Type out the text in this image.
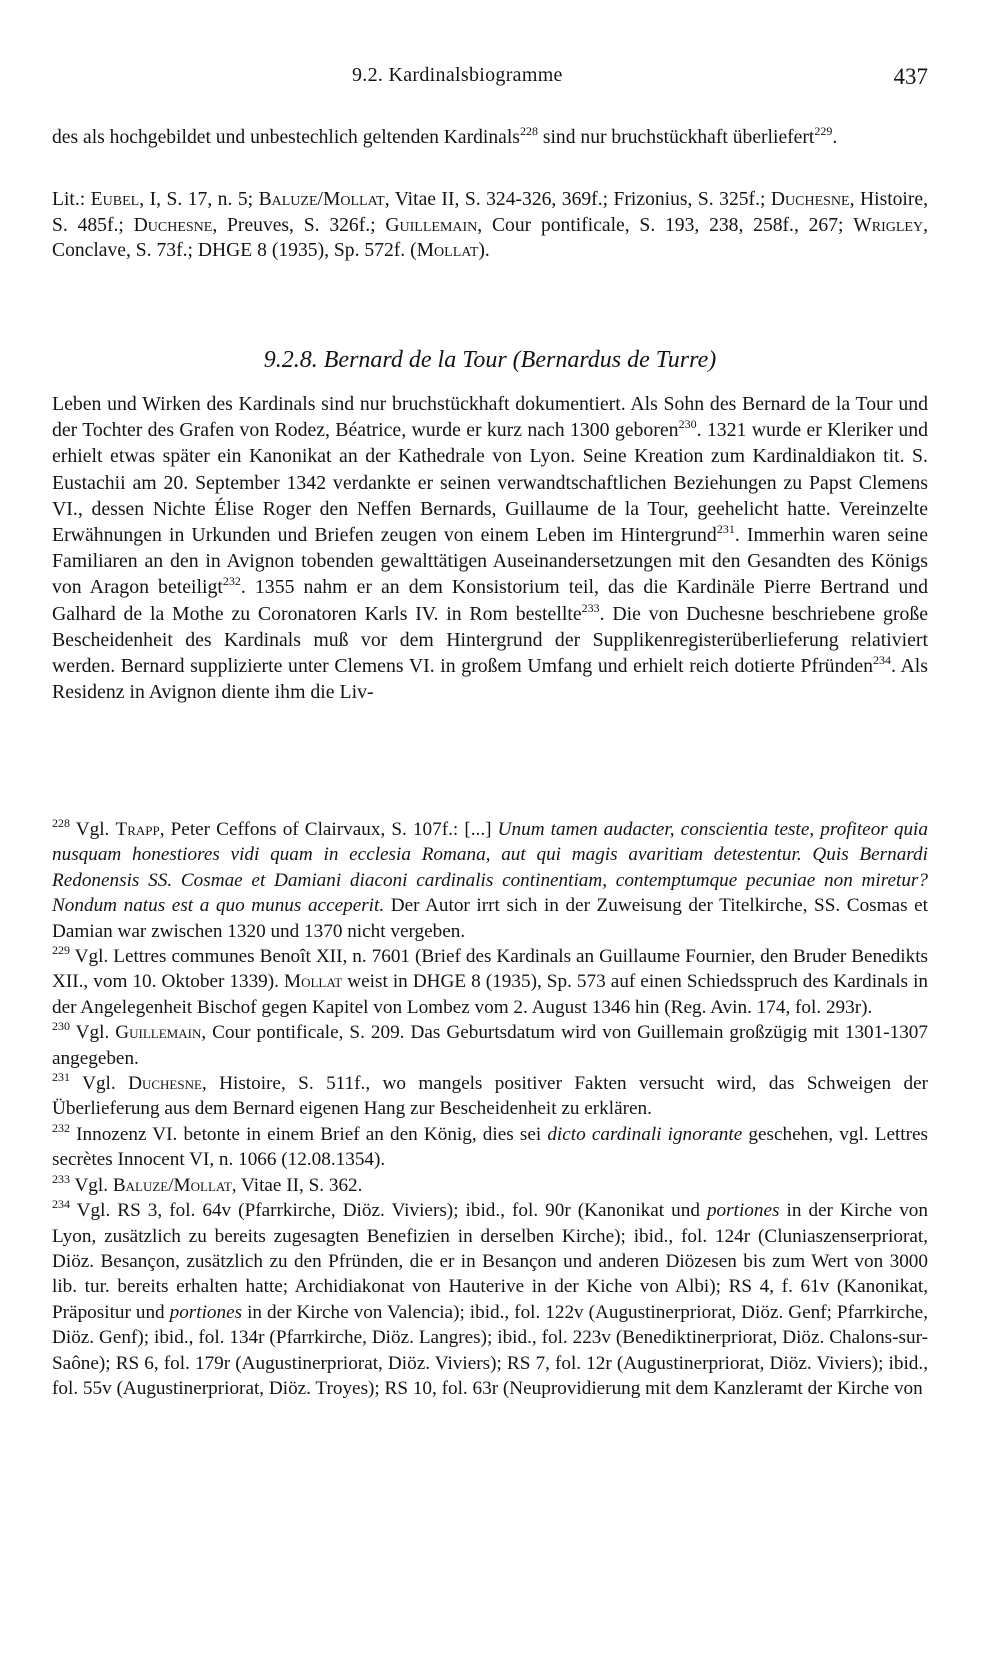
9.2. Kardinalsbiogramme	437
des als hochgebildet und unbestechlich geltenden Kardinals$^{228}$ sind nur bruchstückhaft überliefert$^{229}$.
Lit.: Eubel, I, S. 17, n. 5; Baluze/Mollat, Vitae II, S. 324-326, 369f.; Frizonius, S. 325f.; Duchesne, Histoire, S. 485f.; Duchesne, Preuves, S. 326f.; Guillemain, Cour pontificale, S. 193, 238, 258f., 267; Wrigley, Conclave, S. 73f.; DHGE 8 (1935), Sp. 572f. (Mollat).
9.2.8. Bernard de la Tour (Bernardus de Turre)
Leben und Wirken des Kardinals sind nur bruchstückhaft dokumentiert. Als Sohn des Bernard de la Tour und der Tochter des Grafen von Rodez, Béatrice, wurde er kurz nach 1300 geboren$^{230}$. 1321 wurde er Kleriker und erhielt etwas später ein Kanonikat an der Kathedrale von Lyon. Seine Kreation zum Kardinaldiakon tit. S. Eustachii am 20. September 1342 verdankte er seinen verwandtschaftlichen Beziehungen zu Papst Clemens VI., dessen Nichte Élise Roger den Neffen Bernards, Guillaume de la Tour, geehelicht hatte. Vereinzelte Erwähnungen in Urkunden und Briefen zeugen von einem Leben im Hintergrund$^{231}$. Immerhin waren seine Familiaren an den in Avignon tobenden gewalttätigen Auseinandersetzungen mit den Gesandten des Königs von Aragon beteiligt$^{232}$. 1355 nahm er an dem Konsistorium teil, das die Kardinäle Pierre Bertrand und Galhard de la Mothe zu Coronatoren Karls IV. in Rom bestellte$^{233}$. Die von Duchesne beschriebene große Bescheidenheit des Kardinals muß vor dem Hintergrund der Supplikenregisterüberlieferung relativiert werden. Bernard supplizierte unter Clemens VI. in großem Umfang und erhielt reich dotierte Pfründen$^{234}$. Als Residenz in Avignon diente ihm die Liv-

$^{228}$ Vgl. Trapp, Peter Ceffons of Clairvaux, S. 107f.: [...] Unum tamen audacter, conscientia teste, profiteor quia nusquam honestiores vidi quam in ecclesia Romana, aut qui magis avaritiam detestentur. Quis Bernardi Redonensis SS. Cosmae et Damiani diaconi cardinalis continentiam, contemptumque pecuniae non miretur? Nondum natus est a quo munus acceperit. Der Autor irrt sich in der Zuweisung der Titelkirche, SS. Cosmas et Damian war zwischen 1320 und 1370 nicht vergeben.

$^{229}$ Vgl. Lettres communes Benoît XII, n. 7601 (Brief des Kardinals an Guillaume Fournier, den Bruder Benedikts XII., vom 10. Oktober 1339). Mollat weist in DHGE 8 (1935), Sp. 573 auf einen Schiedsspruch des Kardinals in der Angelegenheit Bischof gegen Kapitel von Lombez vom 2. August 1346 hin (Reg. Avin. 174, fol. 293r).

$^{230}$ Vgl. Guillemain, Cour pontificale, S. 209. Das Geburtsdatum wird von Guillemain großzügig mit 1301-1307 angegeben.

$^{231}$ Vgl. Duchesne, Histoire, S. 511f., wo mangels positiver Fakten versucht wird, das Schweigen der Überlieferung aus dem Bernard eigenen Hang zur Bescheidenheit zu erklären.

$^{232}$ Innozenz VI. betonte in einem Brief an den König, dies sei dicto cardinali ignorante geschehen, vgl. Lettres secrètes Innocent VI, n. 1066 (12.08.1354).

$^{233}$ Vgl. Baluze/Mollat, Vitae II, S. 362.

$^{234}$ Vgl. RS 3, fol. 64v (Pfarrkirche, Diöz. Viviers); ibid., fol. 90r (Kanonikat und portiones in der Kirche von Lyon, zusätzlich zu bereits zugesagten Benefizien in derselben Kirche); ibid., fol. 124r (Cluniaszenserpriorat, Diöz. Besançon, zusätzlich zu den Pfründen, die er in Besançon und anderen Diözesen bis zum Wert von 3000 lib. tur. bereits erhalten hatte; Archidiakonat von Hauterive in der Kiche von Albi); RS 4, f. 61v (Kanonikat, Präpositur und portiones in der Kirche von Valencia); ibid., fol. 122v (Augustinerpriorat, Diöz. Genf; Pfarrkirche, Diöz. Genf); ibid., fol. 134r (Pfarrkirche, Diöz. Langres); ibid., fol. 223v (Benediktinerpriorat, Diöz. Chalons-sur-Saône); RS 6, fol. 179r (Augustinerpriorat, Diöz. Viviers); RS 7, fol. 12r (Augustinerpriorat, Diöz. Viviers); ibid., fol. 55v (Augustinerpriorat, Diöz. Troyes); RS 10, fol. 63r (Neuprovidierung mit dem Kanzleramt der Kirche von
